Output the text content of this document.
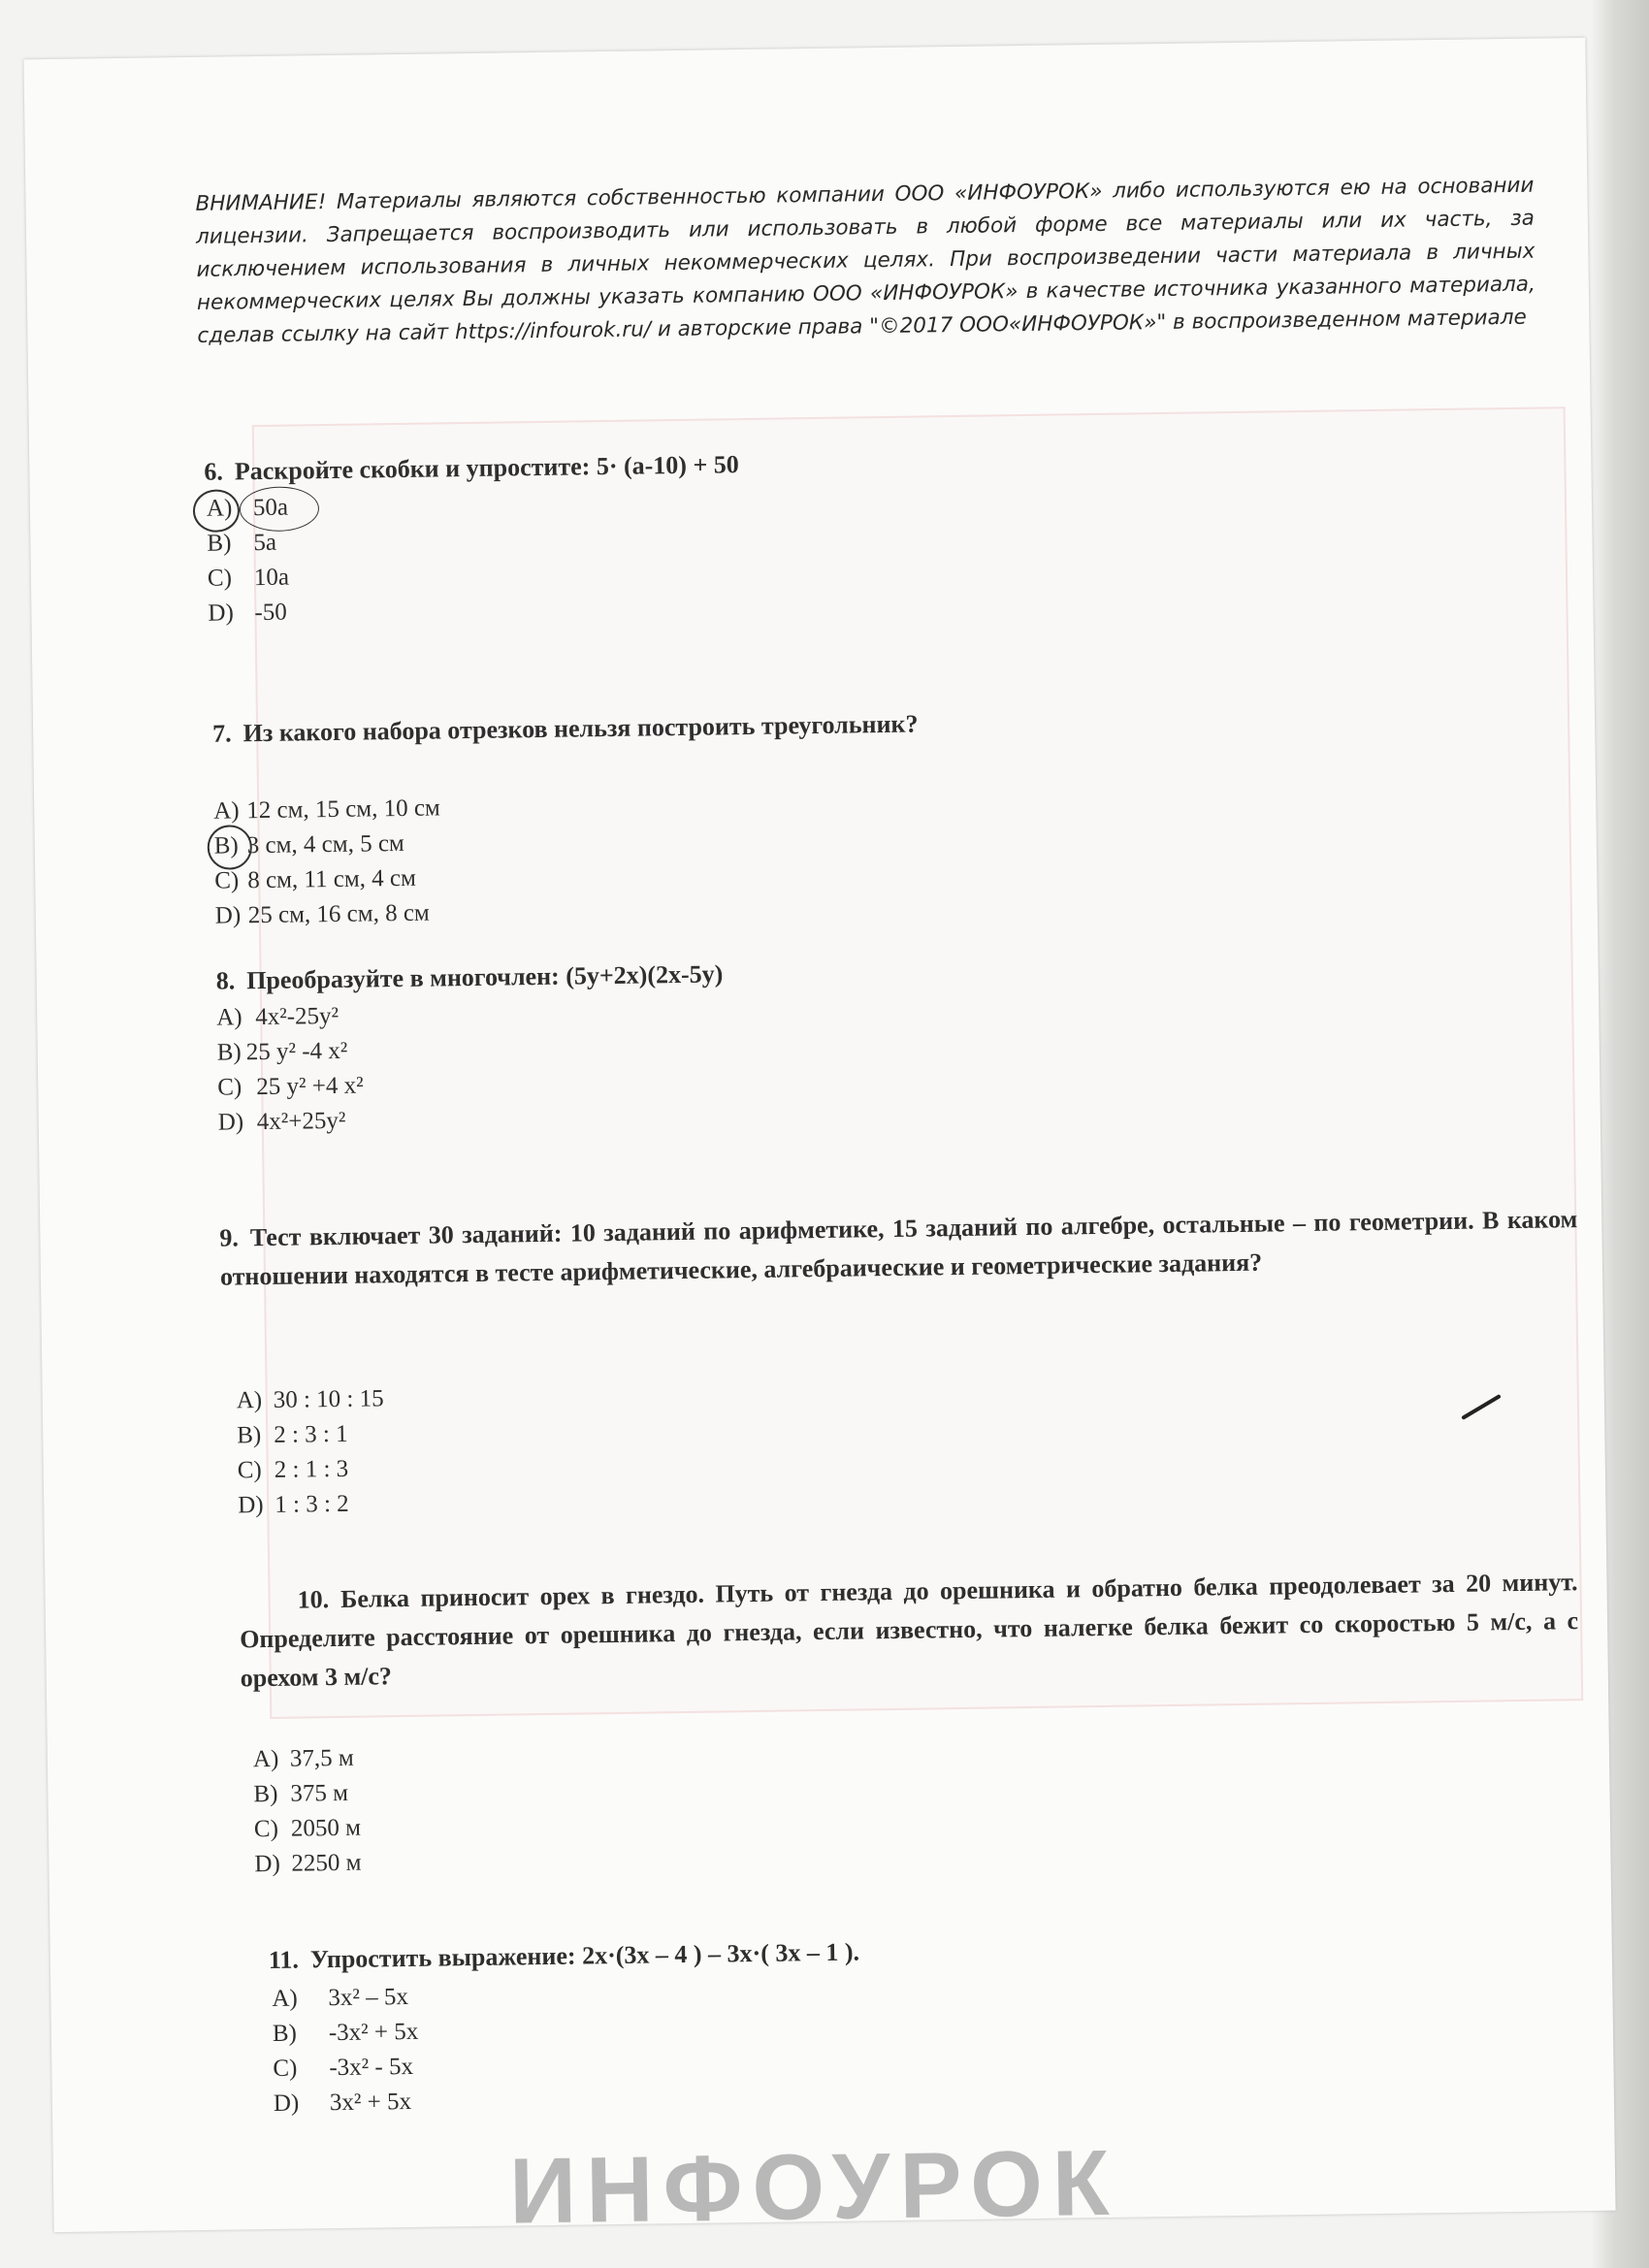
ИНФОУРОК
ВНИМАНИЕ! Материалы являются собственностью компании ООО «ИНФОУРОК» либо используются ею на основании лицензии. Запрещается воспроизводить или использовать в любой форме все материалы или их часть, за исключением использования в личных некоммерческих целях. При воспроизведении части материала в личных некоммерческих целях Вы должны указать компанию ООО «ИНФОУРОК» в качестве источника указанного материала, сделав ссылку на сайт https://infourok.ru/ и авторские права "©2017 ООО«ИНФОУРОК»" в воспроизведенном материале
6. Раскройте скобки и упростите: 5· (а-10) + 50
A) 50а
B) 5а
C) 10а
D) -50
7. Из какого набора отрезков нельзя построить треугольник?
A) 12 см, 15 см, 10 см
B) 3 см, 4 см, 5 см
C) 8 см, 11 см, 4 см
D) 25 см, 16 см, 8 см
8. Преобразуйте в многочлен: (5у+2х)(2х-5у)
A) 4x²-25y²
B) 25 y² -4 x²
C) 25 y² +4 x²
D) 4x²+25y²
9. Тест включает 30 заданий: 10 заданий по арифметике, 15 заданий по алгебре, остальные – по геометрии. В каком отношении находятся в тесте арифметические, алгебраические и геометрические задания?
A) 30 : 10 : 15
B) 2 : 3 : 1
C) 2 : 1 : 3
D) 1 : 3 : 2
10. Белка приносит орех в гнездо. Путь от гнезда до орешника и обратно белка преодолевает за 20 минут. Определите расстояние от орешника до гнезда, если известно, что налегке белка бежит со скоростью 5 м/с, а с орехом 3 м/с?
A) 37,5 м
B) 375 м
C) 2050 м
D) 2250 м
11. Упростить выражение: 2x·(3x – 4 ) – 3x·( 3x – 1 ).
A)	3x² – 5x
B)	-3x² + 5x
C)	-3x² - 5x
D)	3x² + 5x
